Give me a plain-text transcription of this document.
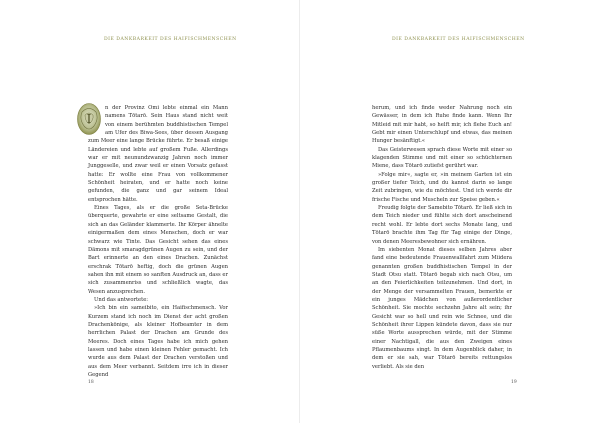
DIE DANKBARKEIT DES HAIFISCHMENSCHEN
I

n der Provinz Omi lebte einmal ein Mann namens Tōtarō. Sein Haus stand nicht weit von einem berühmten buddhistischen Tempel am Ufer des Biwa-Sees, über dessen Ausgang zum Meer eine lange Brücke führte. Er besaß einige Ländereien und lebte auf großem Fuße. Allerdings war er mit neunundzwanzig Jahren noch immer Junggeselle, und zwar weil er einen Vorsatz gefasst hatte: Er wollte eine Frau von vollkommener Schönheit heiraten, und er hatte noch keine gefunden, die ganz und gar seinem Ideal entsprochen hätte.

Eines Tages, als er die große Seta-Brücke überquerte, gewahrte er eine seltsame Gestalt, die sich an das Geländer klammerte. Ihr Körper ähnelte einigermaßen dem eines Menschen, doch er war schwarz wie Tinte. Das Gesicht sehen das eines Dämons mit smaragdgrünen Augen zu sein, und der Bart erinnerte an den eines Drachen. Zunächst erschrak Tōtarō heftig, doch die grünen Augen sahen ihn mit einem so sanften Ausdruck an, dass er sich zusammenriss und schließlich wagte, das Wesen anzusprechen.

Und das antwortete:

»Ich bin ein sameibito, ein Haifischmensch. Vor Kurzem stand ich noch im Dienst der acht großen Drachenkönige, als kleiner Hofbeamter in dem herrlichen Palast der Drachen am Grunde des Meeres. Doch eines Tages habe ich mich gehen lassen und habe einen kleinen Fehler gemacht. Ich wurde aus dem Palast der Drachen verstoßen und aus dem Meer verbannt. Seitdem irre ich in dieser Gegend

18
DIE DANKBARKEIT DES HAIFISCHMENSCHEN

herum, und ich finde weder Nahrung noch ein Gewässer, in dem ich Ruhe finde kann. Wenn Ihr Mitleid mit mir habt, so helft mir, ich flehe Euch an! Gebt mir einen Unterschlupf und etwas, das meinen Hunger besänftigt.«

Das Geisterwesen sprach diese Worte mit einer so klagenden Stimme und mit einer so schüchternen Miene, dass Tōtarō zutiefst gerührt war.

»Folge mir«, sagte er, »in meinem Garten ist ein großer tiefer Teich, und du kannst darin so lange Zeit zubringen, wie du möchtest. Und ich werde dir frische Fische und Muscheln zur Speise geben.«

Freudig folgte der Samebito Tōtarō. Er ließ sich in dem Teich nieder und fühlte sich dort anscheinend recht wohl. Er lebte dort sechs Monate lang, und Tōtarō brachte ihm Tag für Tag einige der Dinge, von denen Meeresbewohner sich ernähren.

Im siebenten Monat dieses selben Jahres aber fand eine bedeutende Frauenwallfahrt zum Miidera genannten großen buddhistischen Tempel in der Stadt Otsu statt. Tōtarō begab sich nach Otsu, um an den Feierlichkeiten teilzunehmen. Und dort, in der Menge der versammelten Frauen, bemerkte er ein junges Mädchen von außerordentlicher Schönheit. Sie mochte sechzehn Jahre alt sein; ihr Gesicht war so hell und rein wie Schnee, und die Schönheit ihrer Lippen kündete davon, dass sie nur süße Worte aussprechen würde, mit der Stimme einer Nachtigall, die aus den Zweigen eines Pflaumenbaums singt. In dem Augenblick daher, in dem er sie sah, war Tōtarō bereits rettungslos verliebt. Als sie den

19
